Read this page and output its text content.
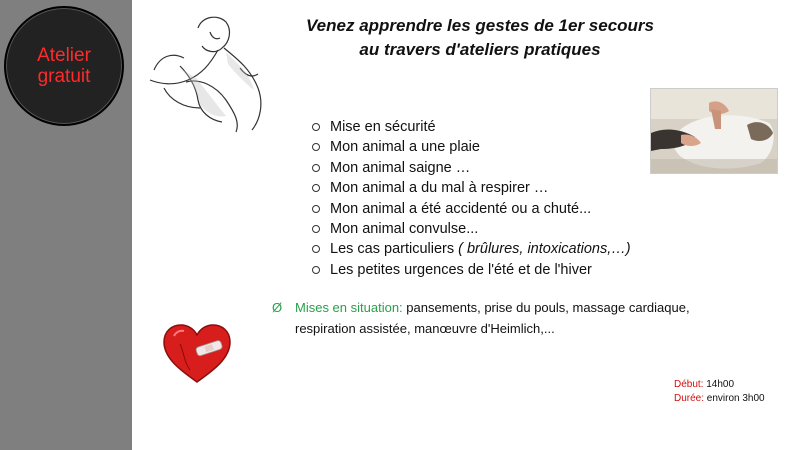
Atelier
gratuit
Venez apprendre les gestes de 1er secours
au travers d'ateliers pratiques
Mise en sécurité
Mon animal a une plaie
Mon animal saigne …
Mon animal a du mal à respirer …
Mon animal a été accidenté ou a chuté...
Mon animal convulse...
Les cas particuliers ( brûlures, intoxications,…)
Les petites urgences de l'été et de l'hiver
Ø Mises en situation: pansements, prise du pouls, massage cardiaque, respiration assistée, manœuvre d'Heimlich,...
Début: 14h00
Durée: environ 3h00
